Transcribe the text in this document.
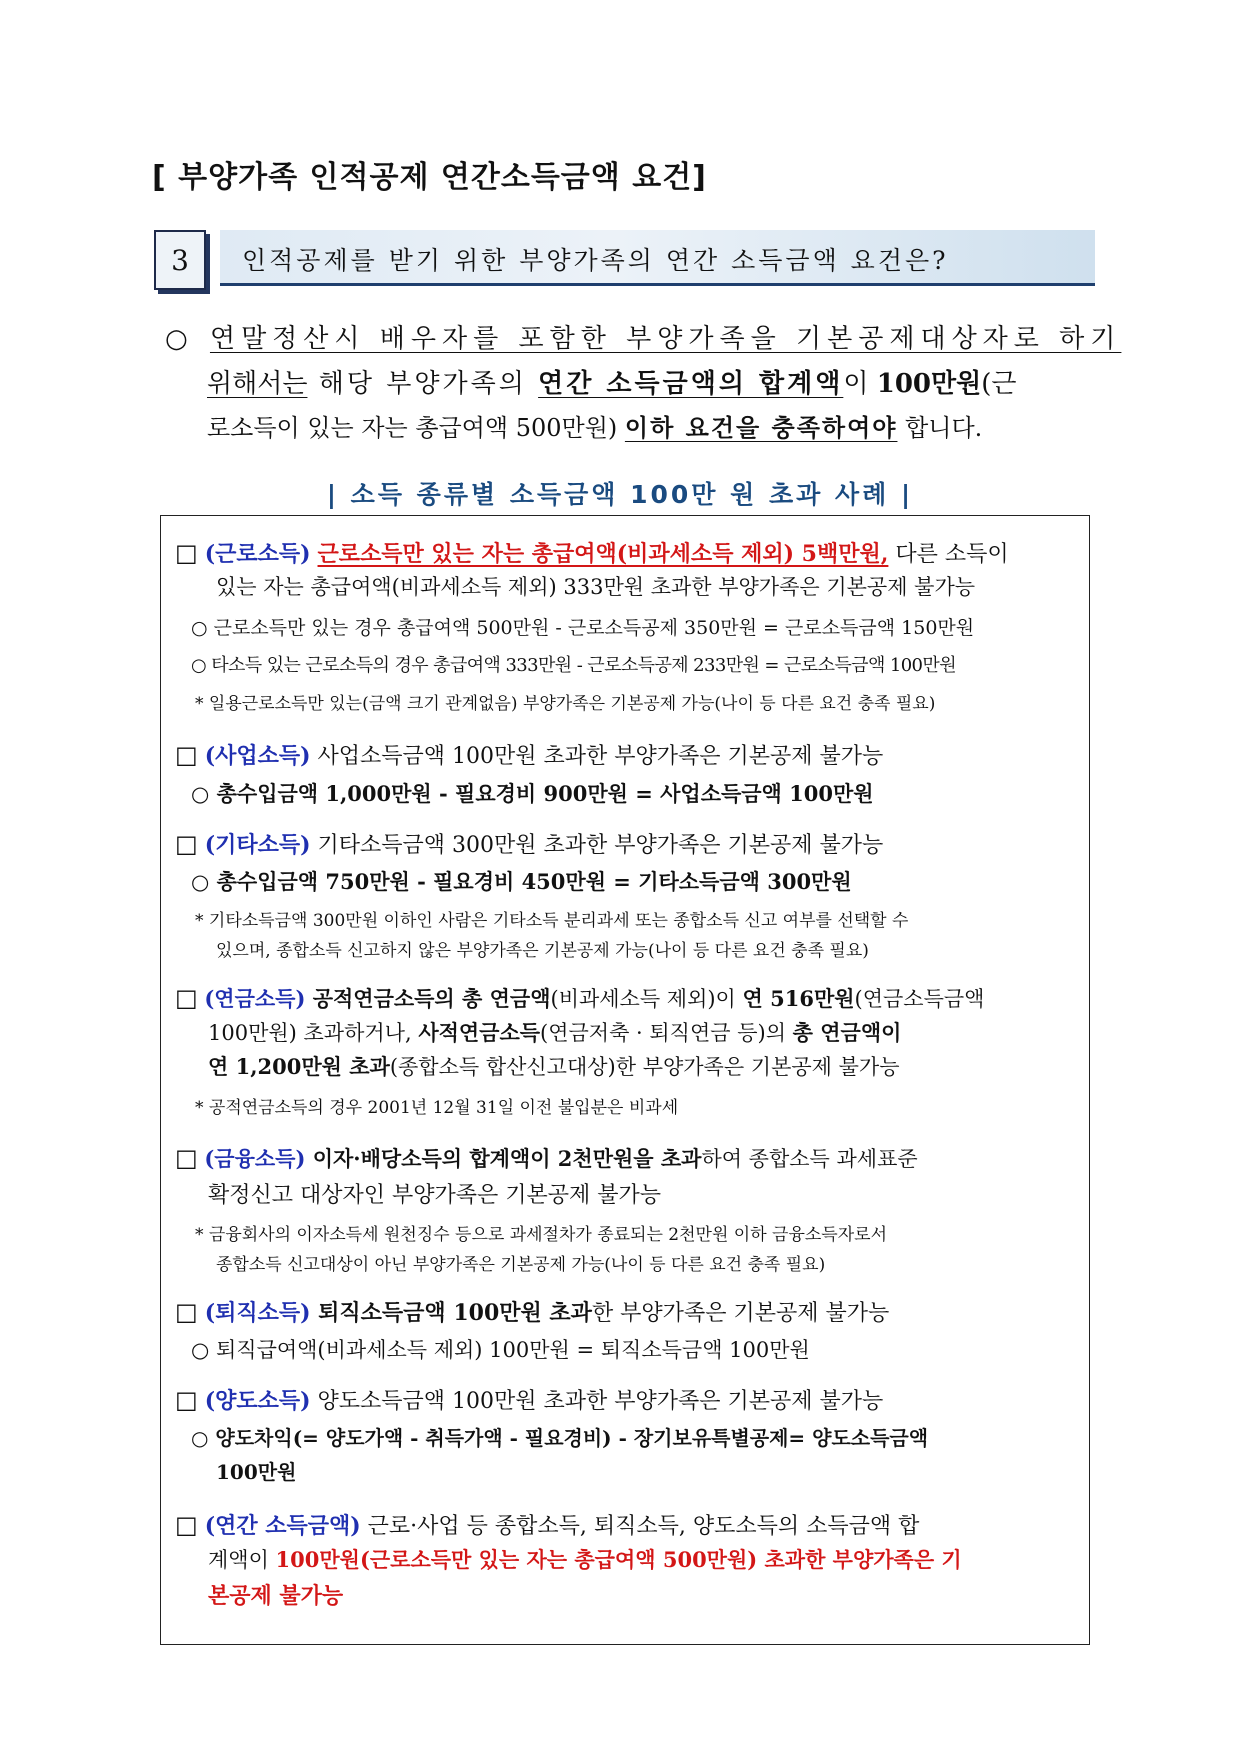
[ 부양가족 인적공제 연간소득금액 요건]
3 인적공제를 받기 위한 부양가족의 연간 소득금액 요건은?
○ 연말정산시 배우자를 포함한 부양가족을 기본공제대상자로 하기
위해서는 해당 부양가족의 연간 소득금액의 합계액이 100만원(근
로소득이 있는 자는 총급여액 500만원) 이하 요건을 충족하여야 합니다.
| 소득 종류별 소득금액 100만 원 초과 사례 |
□ (근로소득) 근로소득만 있는 자는 총급여액(비과세소득 제외) 5백만원, 다른 소득이
있는 자는 총급여액(비과세소득 제외) 333만원 초과한 부양가족은 기본공제 불가능
○ 근로소득만 있는 경우 총급여액 500만원 - 근로소득공제 350만원 = 근로소득금액 150만원
○ 타소득 있는 근로소득의 경우 총급여액 333만원 - 근로소득공제 233만원 = 근로소득금액 100만원
* 일용근로소득만 있는(금액 크기 관계없음) 부양가족은 기본공제 가능(나이 등 다른 요건 충족 필요)
□ (사업소득) 사업소득금액 100만원 초과한 부양가족은 기본공제 불가능
○ 총수입금액 1,000만원 - 필요경비 900만원 = 사업소득금액 100만원
□ (기타소득) 기타소득금액 300만원 초과한 부양가족은 기본공제 불가능
○ 총수입금액 750만원 - 필요경비 450만원 = 기타소득금액 300만원
* 기타소득금액 300만원 이하인 사람은 기타소득 분리과세 또는 종합소득 신고 여부를 선택할 수
있으며, 종합소득 신고하지 않은 부양가족은 기본공제 가능(나이 등 다른 요건 충족 필요)
□ (연금소득) 공적연금소득의 총 연금액(비과세소득 제외)이 연 516만원(연금소득금액
100만원) 초과하거나, 사적연금소득(연금저축 · 퇴직연금 등)의 총 연금액이
연 1,200만원 초과(종합소득 합산신고대상)한 부양가족은 기본공제 불가능
* 공적연금소득의 경우 2001년 12월 31일 이전 불입분은 비과세
□ (금융소득) 이자·배당소득의 합계액이 2천만원을 초과하여 종합소득 과세표준
확정신고 대상자인 부양가족은 기본공제 불가능
* 금융회사의 이자소득세 원천징수 등으로 과세절차가 종료되는 2천만원 이하 금융소득자로서
종합소득 신고대상이 아닌 부양가족은 기본공제 가능(나이 등 다른 요건 충족 필요)
□ (퇴직소득) 퇴직소득금액 100만원 초과한 부양가족은 기본공제 불가능
○ 퇴직급여액(비과세소득 제외) 100만원 = 퇴직소득금액 100만원
□ (양도소득) 양도소득금액 100만원 초과한 부양가족은 기본공제 불가능
○ 양도차익(= 양도가액 - 취득가액 - 필요경비) - 장기보유특별공제= 양도소득금액
100만원
□ (연간 소득금액) 근로·사업 등 종합소득, 퇴직소득, 양도소득의 소득금액 합
계액이 100만원(근로소득만 있는 자는 총급여액 500만원) 초과한 부양가족은 기
본공제 불가능
